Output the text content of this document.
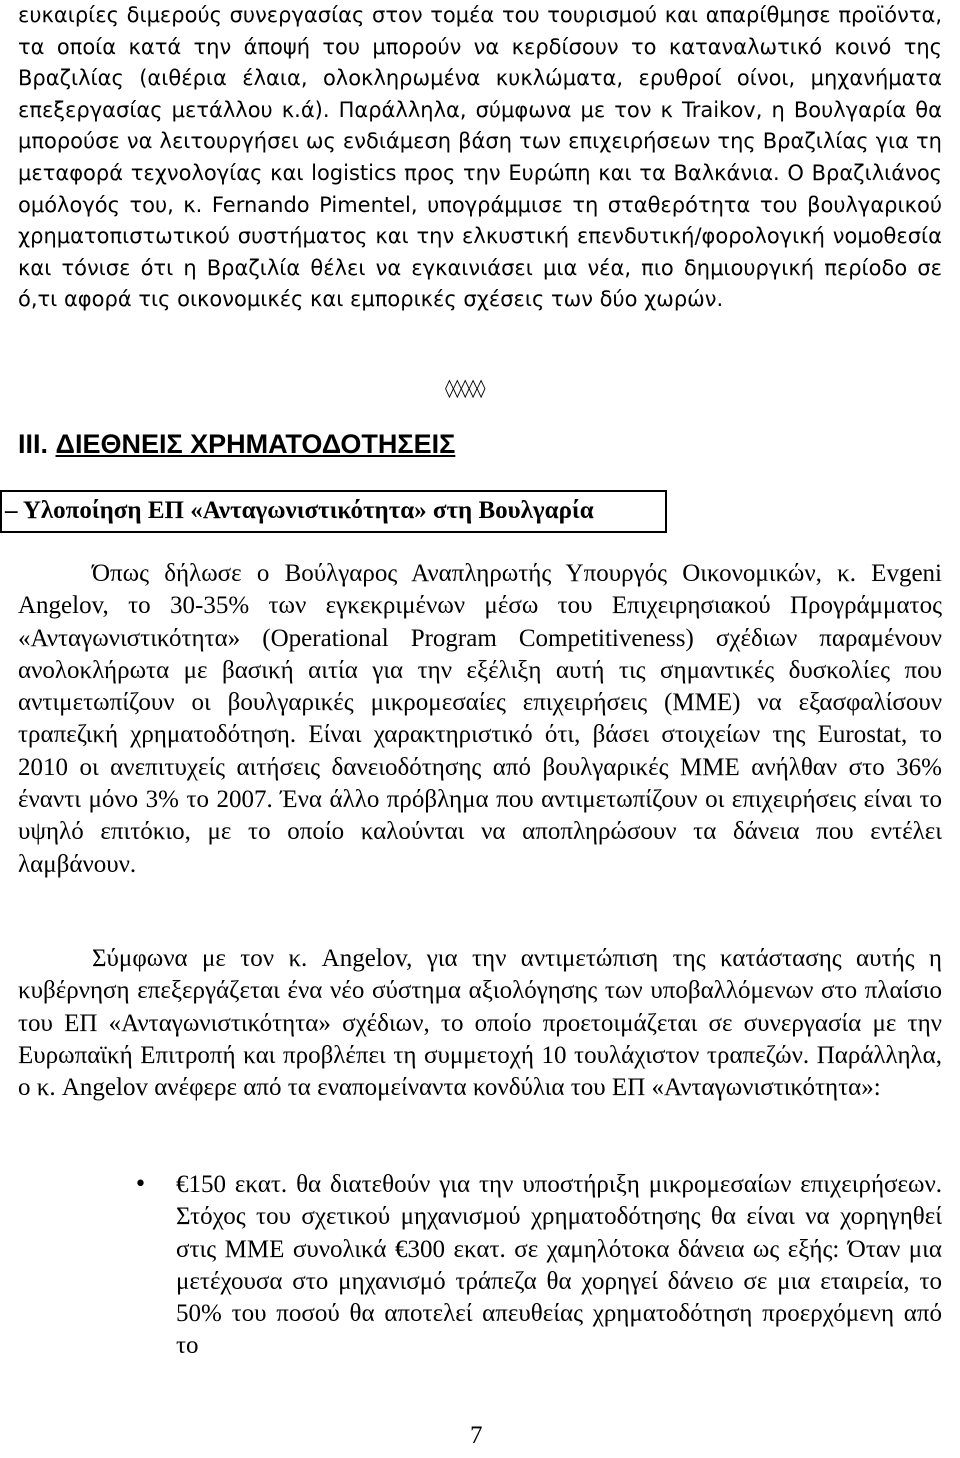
ευκαιρίες διμερούς συνεργασίας στον τομέα του τουρισμού και απαρίθμησε προϊόντα, τα οποία κατά την άποψή του μπορούν να κερδίσουν το καταναλωτικό κοινό της Βραζιλίας (αιθέρια έλαια, ολοκληρωμένα κυκλώματα, ερυθροί οίνοι, μηχανήματα επεξεργασίας μετάλλου κ.ά). Παράλληλα, σύμφωνα με τον κ Traikov, η Βουλγαρία θα μπορούσε να λειτουργήσει ως ενδιάμεση βάση των επιχειρήσεων της Βραζιλίας για τη μεταφορά τεχνολογίας και logistics προς την Ευρώπη και τα Βαλκάνια. Ο Βραζιλιάνος ομόλογός του, κ. Fernando Pimentel, υπογράμμισε τη σταθερότητα του βουλγαρικού χρηματοπιστωτικού συστήματος και την ελκυστική επενδυτική/φορολογική νομοθεσία και τόνισε ότι η Βραζιλία θέλει να εγκαινιάσει μια νέα, πιο δημιουργική περίοδο σε ό,τι αφορά τις οικονομικές και εμπορικές σχέσεις των δύο χωρών.

◊◊◊◊◊
III. ΔΙΕΘΝΕΙΣ ΧΡΗΜΑΤΟΔΟΤΗΣΕΙΣ

– Υλοποίηση ΕΠ «Ανταγωνιστικότητα» στη Βουλγαρία

Όπως δήλωσε ο Βούλγαρος Αναπληρωτής Υπουργός Οικονομικών, κ. Evgeni Angelov, το 30-35% των εγκεκριμένων μέσω του Επιχειρησιακού Προγράμματος «Ανταγωνιστικότητα» (Operational Program Competitiveness) σχέδιων παραμένουν ανολοκλήρωτα με βασική αιτία για την εξέλιξη αυτή τις σημαντικές δυσκολίες που αντιμετωπίζουν οι βουλγαρικές μικρομεσαίες επιχειρήσεις (ΜΜΕ) να εξασφαλίσουν τραπεζική χρηματοδότηση. Είναι χαρακτηριστικό ότι, βάσει στοιχείων της Eurostat, το 2010 οι ανεπιτυχείς αιτήσεις δανειοδότησης από βουλγαρικές ΜΜΕ ανήλθαν στο 36% έναντι μόνο 3% το 2007. Ένα άλλο πρόβλημα που αντιμετωπίζουν οι επιχειρήσεις είναι το υψηλό επιτόκιο, με το οποίο καλούνται να αποπληρώσουν τα δάνεια που εντέλει λαμβάνουν.

Σύμφωνα με τον κ. Angelov, για την αντιμετώπιση της κατάστασης αυτής η κυβέρνηση επεξεργάζεται ένα νέο σύστημα αξιολόγησης των υποβαλλόμενων στο πλαίσιο του ΕΠ «Ανταγωνιστικότητα» σχέδιων, το οποίο προετοιμάζεται σε συνεργασία με την Ευρωπαϊκή Επιτροπή και προβλέπει τη συμμετοχή 10 τουλάχιστον τραπεζών. Παράλληλα, ο κ. Angelov ανέφερε από τα εναπομείναντα κονδύλια του ΕΠ «Ανταγωνιστικότητα»:

• €150 εκατ. θα διατεθούν για την υποστήριξη μικρομεσαίων επιχειρήσεων. Στόχος του σχετικού μηχανισμού χρηματοδότησης θα είναι να χορηγηθεί στις ΜΜΕ συνολικά €300 εκατ. σε χαμηλότοκα δάνεια ως εξής: Όταν μια μετέχουσα στο μηχανισμό τράπεζα θα χορηγεί δάνειο σε μια εταιρεία, το 50% του ποσού θα αποτελεί απευθείας χρηματοδότηση προερχόμενη από το

7
